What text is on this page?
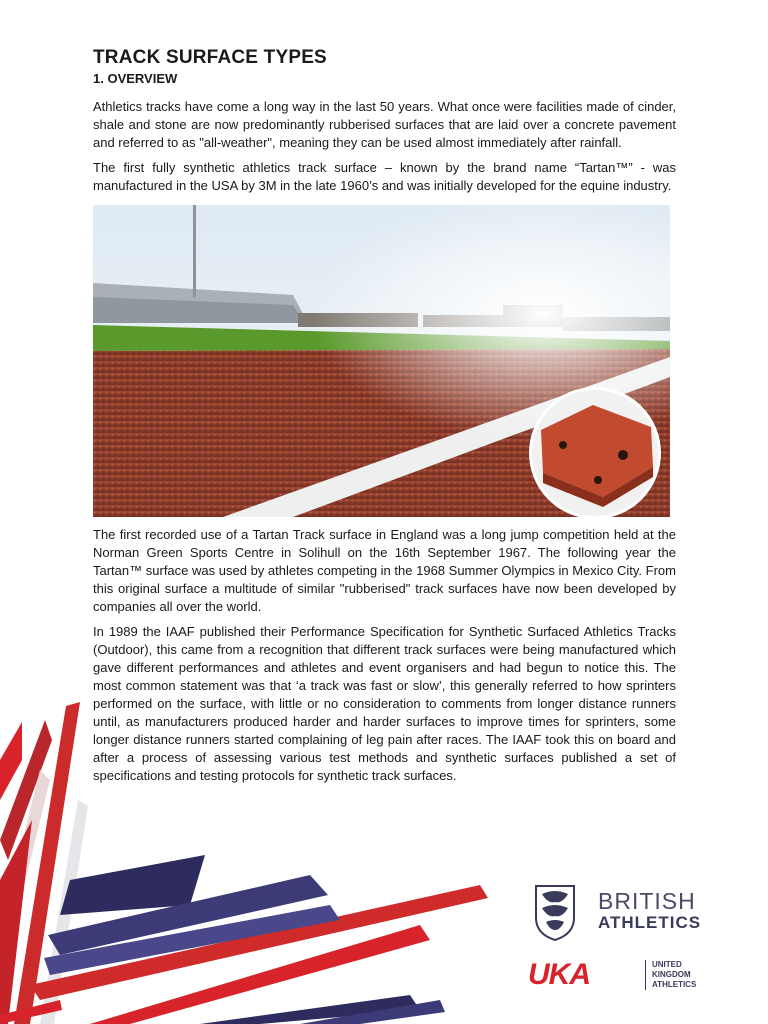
TRACK SURFACE TYPES
1. OVERVIEW

Athletics tracks have come a long way in the last 50 years. What once were facilities made of cinder, shale and stone are now predominantly rubberised surfaces that are laid over a concrete pavement and referred to as "all-weather", meaning they can be used almost immediately after rainfall.

The first fully synthetic athletics track surface – known by the brand name “Tartan™” - was manufactured in the USA by 3M in the late 1960’s and was initially developed for the equine industry.

The first recorded use of a Tartan Track surface in England was a long jump competition held at the Norman Green Sports Centre in Solihull on the 16th September 1967. The following year the Tartan™ surface was used by athletes competing in the 1968 Summer Olympics in Mexico City. From this original surface a multitude of similar "rubberised" track surfaces have now been developed by companies all over the world.

In 1989 the IAAF published their Performance Specification for Synthetic Surfaced Athletics Tracks (Outdoor), this came from a recognition that different track surfaces were being manufactured which gave different performances and athletes and event organisers and had begun to notice this. The most common statement was that ‘a track was fast or slow’, this generally referred to how sprinters performed on the surface, with little or no consideration to comments from longer distance runners until, as manufacturers produced harder and harder surfaces to improve times for sprinters, some longer distance runners started complaining of leg pain after races. The IAAF took this on board and after a process of assessing various test methods and synthetic surfaces published a set of specifications and testing protocols for synthetic track surfaces.

BRITISH
ATHLETICS
UKA	UNITED
KINGDOM
ATHLETICS
